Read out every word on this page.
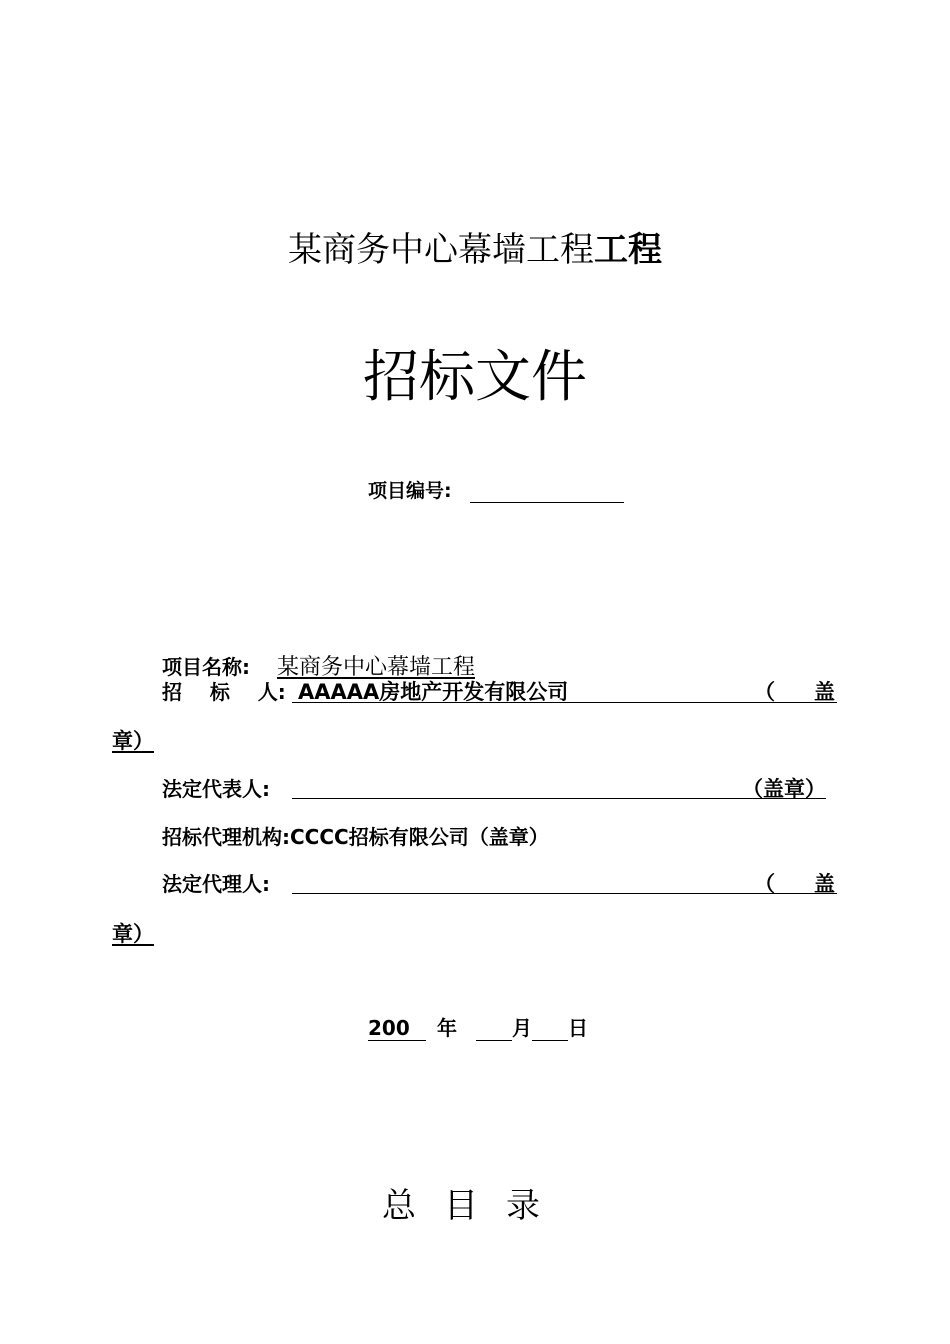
某商务中心幕墙工程工程
招标文件
项目编号:
项目名称: 某商务中心幕墙工程
招    标    人: AAAAA房地产开发有限公司	（ 盖
章）
法定代表人:	（盖章）
招标代理机构:CCCC招标有限公司（盖章）
法定代理人:	（ 盖
章）
200 年	月 日
总目录
